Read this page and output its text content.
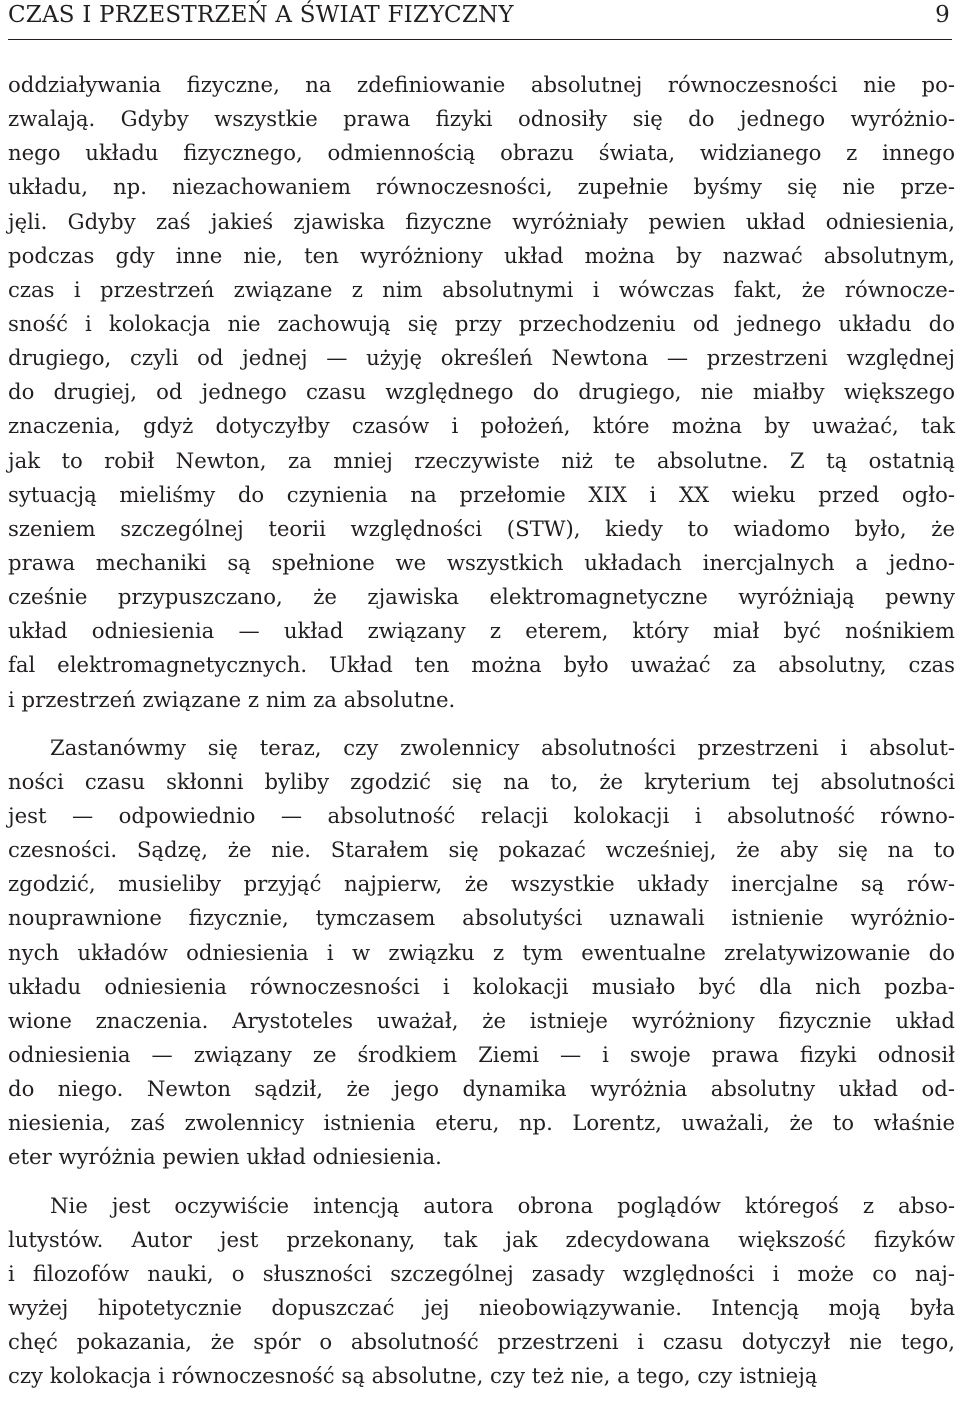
CZAS I PRZESTRZEŃ A ŚWIAT FIZYCZNY	9
oddziaływania fizyczne, na zdefiniowanie absolutnej równoczesności nie po-
zwalają. Gdyby wszystkie prawa fizyki odnosiły się do jednego wyróżnio-
nego układu fizycznego, odmiennością obrazu świata, widzianego z innego
układu, np. niezachowaniem równoczesności, zupełnie byśmy się nie prze-
jęli. Gdyby zaś jakieś zjawiska fizyczne wyróżniały pewien układ odniesienia,
podczas gdy inne nie, ten wyróżniony układ można by nazwać absolutnym,
czas i przestrzeń związane z nim absolutnymi i wówczas fakt, że równocze-
sność i kolokacja nie zachowują się przy przechodzeniu od jednego układu do
drugiego, czyli od jednej — użyję określeń Newtona — przestrzeni względnej
do drugiej, od jednego czasu względnego do drugiego, nie miałby większego
znaczenia, gdyż dotyczyłby czasów i położeń, które można by uważać, tak
jak to robił Newton, za mniej rzeczywiste niż te absolutne. Z tą ostatnią
sytuacją mieliśmy do czynienia na przełomie XIX i XX wieku przed ogło-
szeniem szczególnej teorii względności (STW), kiedy to wiadomo było, że
prawa mechaniki są spełnione we wszystkich układach inercjalnych a jedno-
cześnie przypuszczano, że zjawiska elektromagnetyczne wyróżniają pewny
układ odniesienia — układ związany z eterem, który miał być nośnikiem
fal elektromagnetycznych. Układ ten można było uważać za absolutny, czas
i przestrzeń związane z nim za absolutne.
Zastanówmy się teraz, czy zwolennicy absolutności przestrzeni i absolut-
ności czasu skłonni byliby zgodzić się na to, że kryterium tej absolutności
jest — odpowiednio — absolutność relacji kolokacji i absolutność równo-
czesności. Sądzę, że nie. Starałem się pokazać wcześniej, że aby się na to
zgodzić, musieliby przyjąć najpierw, że wszystkie układy inercjalne są rów-
nouprawnione fizycznie, tymczasem absolutyści uznawali istnienie wyróżnio-
nych układów odniesienia i w związku z tym ewentualne zrelatywizowanie do
układu odniesienia równoczesności i kolokacji musiało być dla nich pozba-
wione znaczenia. Arystoteles uważał, że istnieje wyróżniony fizycznie układ
odniesienia — związany ze środkiem Ziemi — i swoje prawa fizyki odnosił
do niego. Newton sądził, że jego dynamika wyróżnia absolutny układ od-
niesienia, zaś zwolennicy istnienia eteru, np. Lorentz, uważali, że to właśnie
eter wyróżnia pewien układ odniesienia.
Nie jest oczywiście intencją autora obrona poglądów któregoś z abso-
lutystów. Autor jest przekonany, tak jak zdecydowana większość fizyków
i filozofów nauki, o słuszności szczególnej zasady względności i może co naj-
wyżej hipotetycznie dopuszczać jej nieobowiązywanie. Intencją moją była
chęć pokazania, że spór o absolutność przestrzeni i czasu dotyczył nie tego,
czy kolokacja i równoczesność są absolutne, czy też nie, a tego, czy istnieją
